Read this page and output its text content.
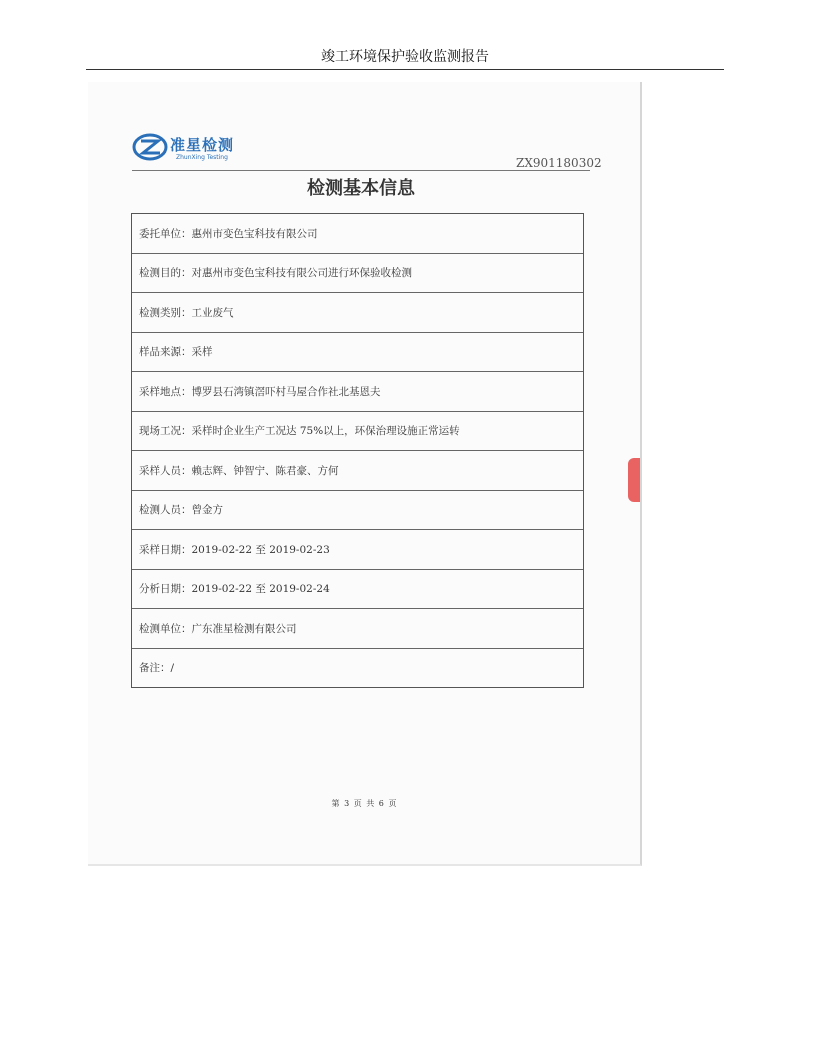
竣工环境保护验收监测报告
准星检测
ZhunXing Testing	ZX901180302
检测基本信息
委托单位： 惠州市变色宝科技有限公司
检测目的： 对惠州市变色宝科技有限公司进行环保验收检测
检测类别： 工业废气
样品来源： 采样
采样地点： 博罗县石湾镇滘吓村马屋合作社北基恩夫
现场工况： 采样时企业生产工况达 75%以上，环保治理设施正常运转
采样人员： 赖志辉、钟智宁、陈君豪、方何
检测人员： 曾金方
采样日期： 2019-02-22 至 2019-02-23
分析日期： 2019-02-22 至 2019-02-24
检测单位： 广东准星检测有限公司
备注： /
第 3 页 共 6 页
